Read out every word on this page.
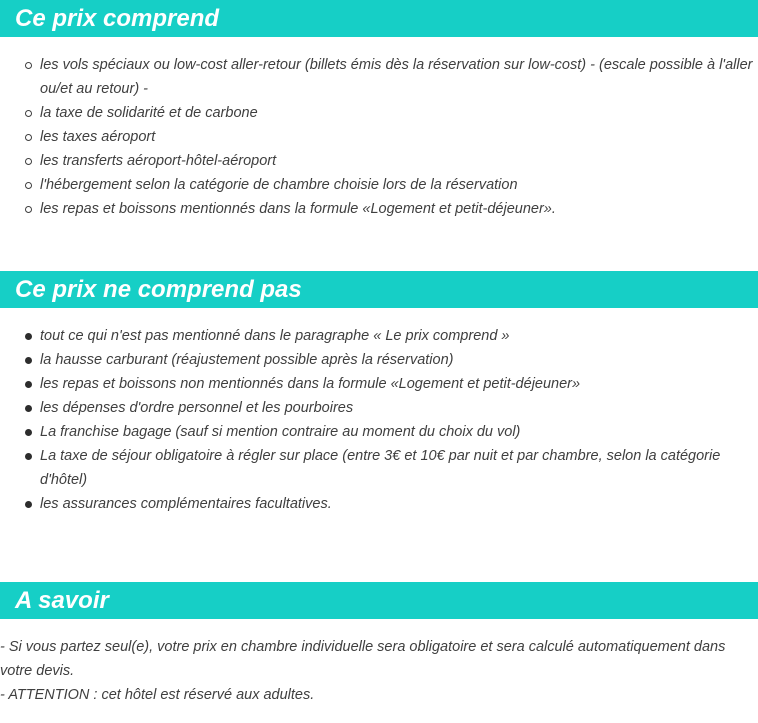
Ce prix comprend
les vols spéciaux ou low-cost aller-retour (billets émis dès la réservation sur low-cost) - (escale possible à l'aller ou/et au retour) -
la taxe de solidarité et de carbone
les taxes aéroport
les transferts aéroport-hôtel-aéroport
l'hébergement selon la catégorie de chambre choisie lors de la réservation
les repas et boissons mentionnés dans la formule «Logement et petit-déjeuner».
Ce prix ne comprend pas
tout ce qui n'est pas mentionné dans le paragraphe « Le prix comprend »
la hausse carburant (réajustement possible après la réservation)
les repas et boissons non mentionnés dans la formule «Logement et petit-déjeuner»
les dépenses d'ordre personnel et les pourboires
La franchise bagage (sauf si mention contraire au moment du choix du vol)
La taxe de séjour obligatoire à régler sur place (entre 3€ et 10€ par nuit et par chambre, selon la catégorie d'hôtel)
les assurances complémentaires facultatives.
A savoir

- Si vous partez seul(e), votre prix en chambre individuelle sera obligatoire et sera calculé automatiquement dans votre devis.

- ATTENTION : cet hôtel est réservé aux adultes.
